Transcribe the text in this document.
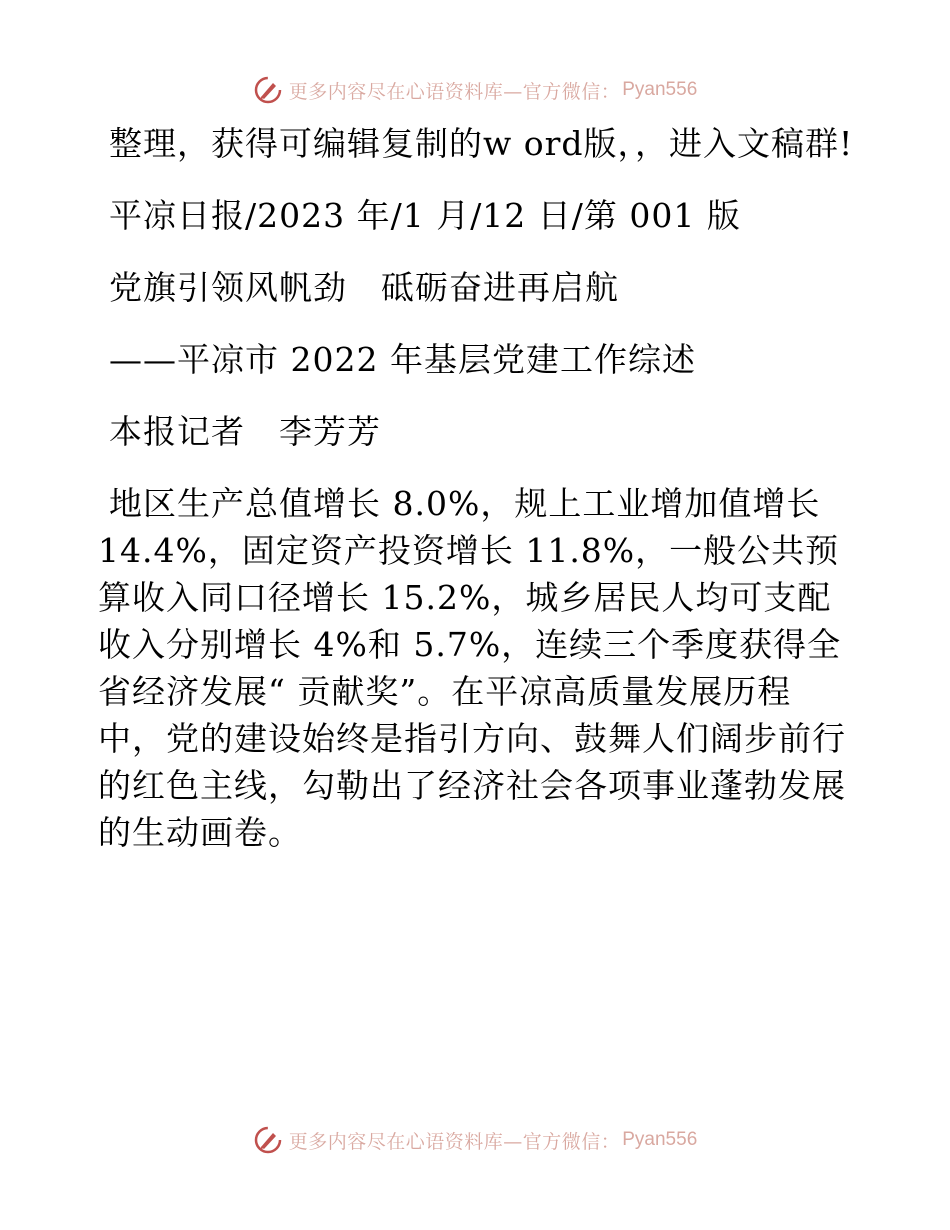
更多内容尽在心语资料库—官方微信： Pyan556

整理，获得可编辑复制的w ord版，，进入文稿群!

平凉日报/2023 年/1 月/12 日/第 001 版

党旗引领风帆劲　砥砺奋进再启航

——平凉市 2022 年基层党建工作综述

本报记者　李芳芳

地区生产总值增长 8.0%，规上工业增加值增长 14.4%，固定资产投资增长 11.8%，一般公共预算收入同口径增长 15.2%，城乡居民人均可支配收入分别增长 4%和 5.7%，连续三个季度获得全省经济发展“ 贡献奖”。在平凉高质量发展历程中，党的建设始终是指引方向、鼓舞人们阔步前行的红色主线，勾勒出了经济社会各项事业蓬勃发展的生动画卷。

更多内容尽在心语资料库—官方微信： Pyan556
